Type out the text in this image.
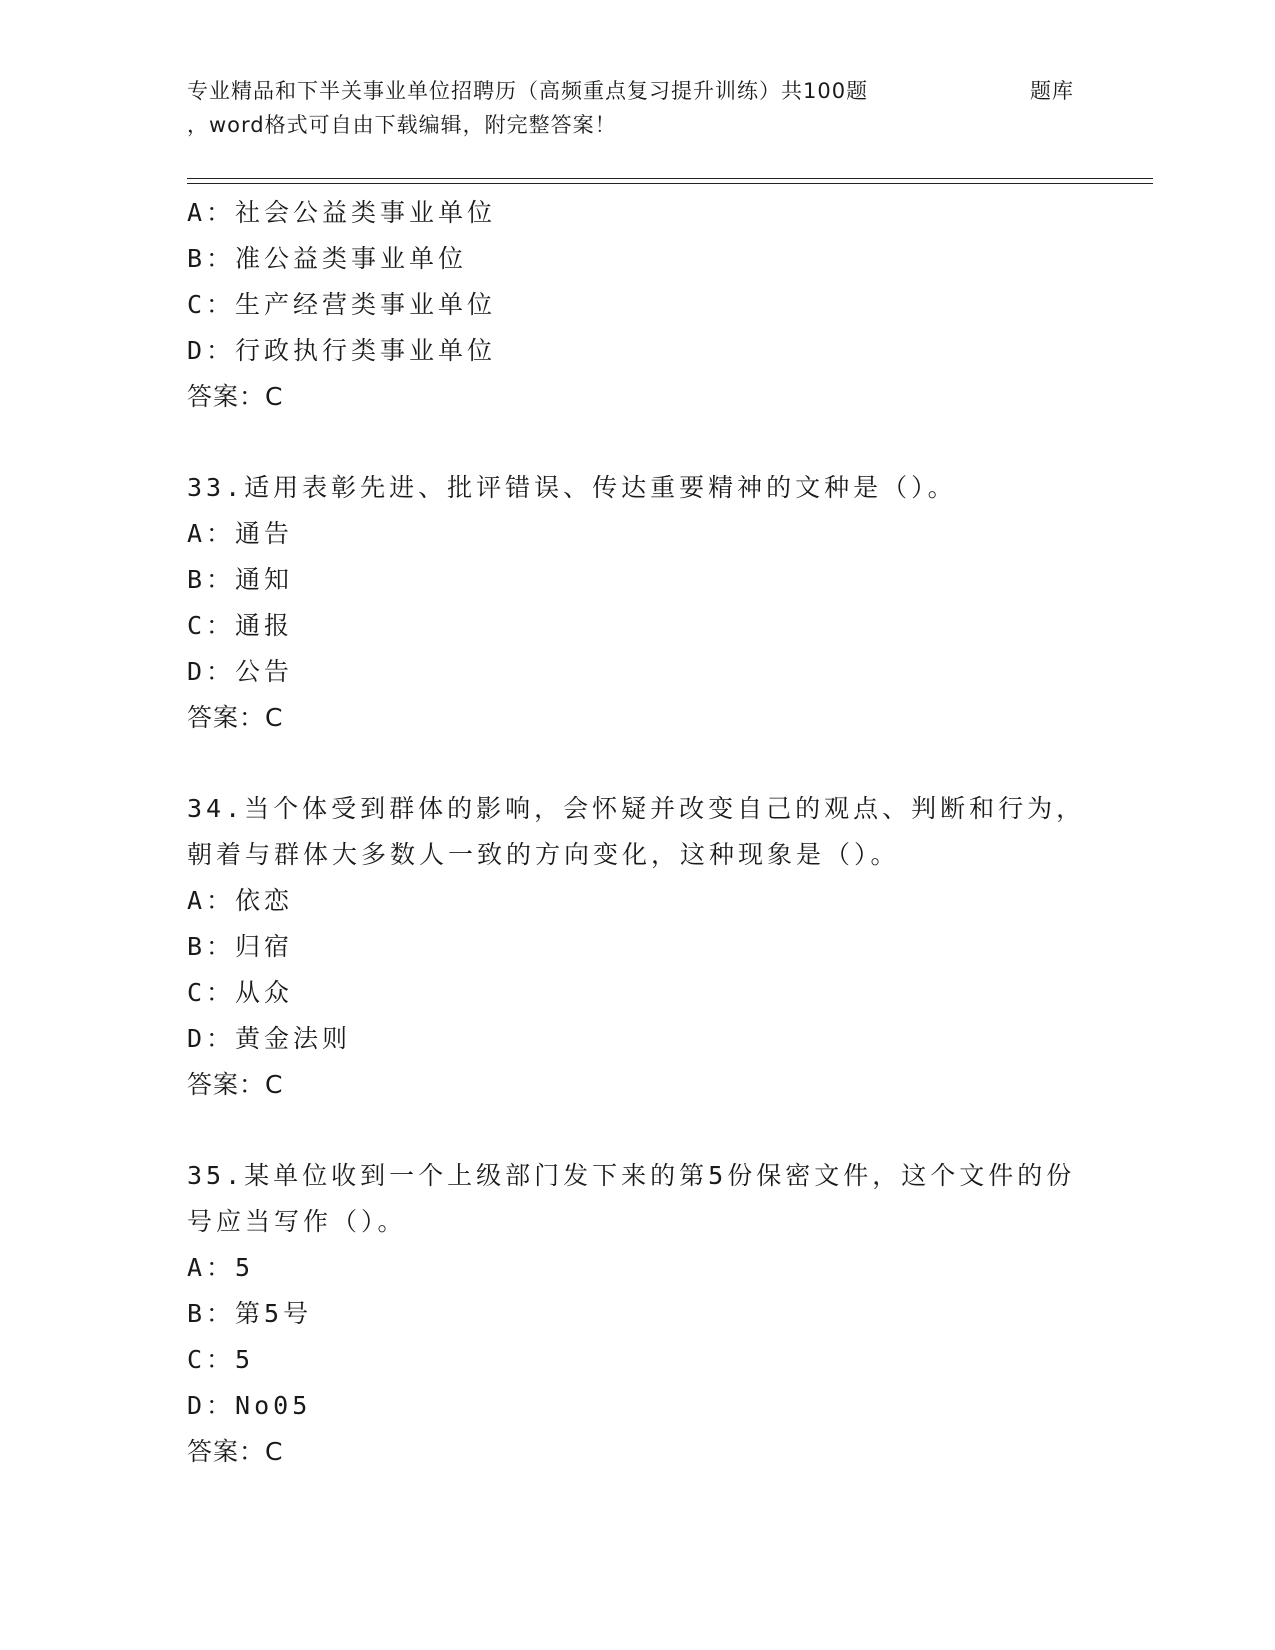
专业精品和下半关事业单位招聘历（高频重点复习提升训练）共100题	题库
，word格式可自由下载编辑，附完整答案！
A：社会公益类事业单位
B：准公益类事业单位
C：生产经营类事业单位
D：行政执行类事业单位
答案：C
33.适用表彰先进、批评错误、传达重要精神的文种是（）。
A：通告
B：通知
C：通报
D：公告
答案：C
34.当个体受到群体的影响，会怀疑并改变自己的观点、判断和行为，
朝着与群体大多数人一致的方向变化，这种现象是（）。
A：依恋
B：归宿
C：从众
D：黄金法则
答案：C
35.某单位收到一个上级部门发下来的第5份保密文件，这个文件的份
号应当写作（）。
A：5
B：第5号
C：5
D：No05
答案：C
